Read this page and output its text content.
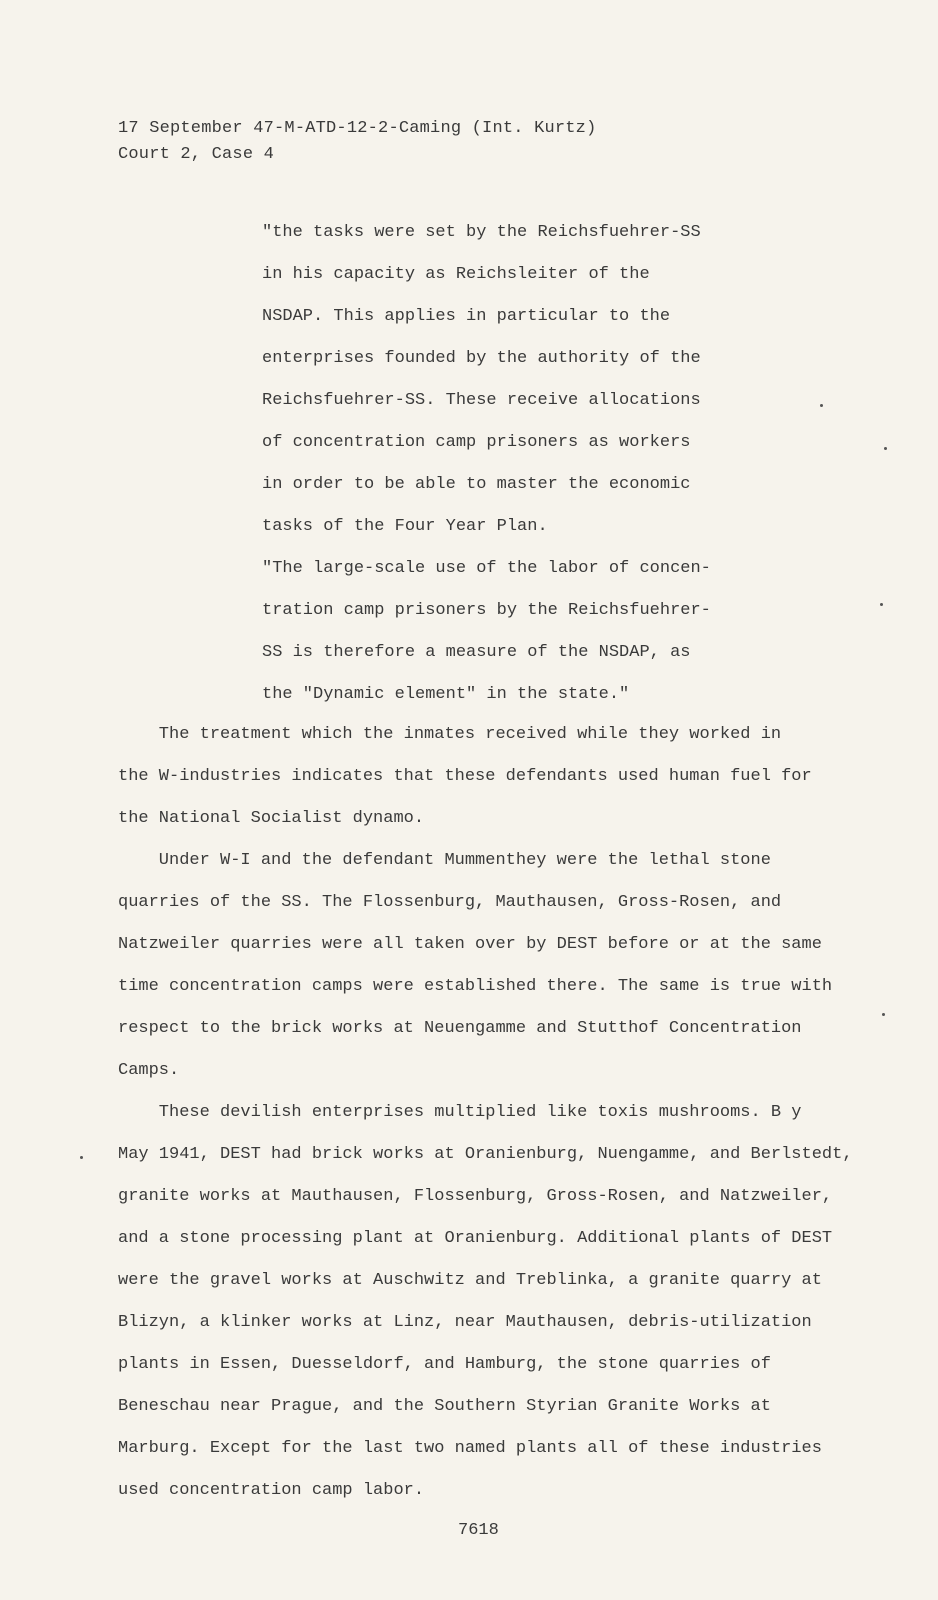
17 September 47-M-ATD-12-2-Caming (Int. Kurtz)
Court 2, Case 4
"the tasks were set by the Reichsfuehrer-SS
in his capacity as Reichsleiter of the
NSDAP. This applies in particular to the
enterprises founded by the authority of the
Reichsfuehrer-SS. These receive allocations
of concentration camp prisoners as workers
in order to be able to master the economic
tasks of the Four Year Plan.
"The large-scale use of the labor of concen-
tration camp prisoners by the Reichsfuehrer-
SS is therefore a measure of the NSDAP, as
the "Dynamic element" in the state."
The treatment which the inmates received while they worked in
the W-industries indicates that these defendants used human fuel for
the National Socialist dynamo.
Under W-I and the defendant Mummenthey were the lethal stone
quarries of the SS. The Flossenburg, Mauthausen, Gross-Rosen, and
Natzweiler quarries were all taken over by DEST before or at the same
time concentration camps were established there. The same is true with
respect to the brick works at Neuengamme and Stutthof Concentration
Camps.
These devilish enterprises multiplied like toxis mushrooms. B y
May 1941, DEST had brick works at Oranienburg, Nuengamme, and Berlstedt,
granite works at Mauthausen, Flossenburg, Gross-Rosen, and Natzweiler,
and a stone processing plant at Oranienburg. Additional plants of DEST
were the gravel works at Auschwitz and Treblinka, a granite quarry at
Blizyn, a klinker works at Linz, near Mauthausen, debris-utilization
plants in Essen, Duesseldorf, and Hamburg, the stone quarries of
Beneschau near Prague, and the Southern Styrian Granite Works at
Marburg. Except for the last two named plants all of these industries
used concentration camp labor.
7618
